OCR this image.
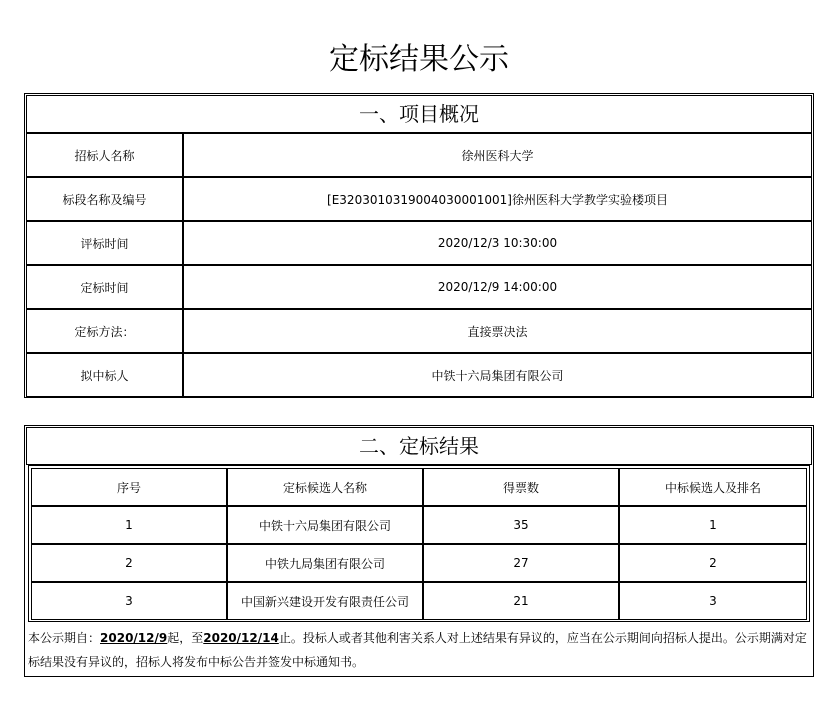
定标结果公示
一、项目概况
招标人名称	徐州医科大学
标段名称及编号	[E3203010319004030001001]徐州医科大学教学实验楼项目
评标时间	2020/12/3 10:30:00
定标时间	2020/12/9 14:00:00
定标方法：	直接票决法
拟中标人	中铁十六局集团有限公司
二、定标结果
序号	定标候选人名称	得票数	中标候选人及排名
1	中铁十六局集团有限公司	35	1
2	中铁九局集团有限公司	27	2
3	中国新兴建设开发有限责任公司	21	3
本公示期自：2020/12/9起，至2020/12/14止。投标人或者其他利害关系人对上述结果有异议的，应当在公示期间向招标人提出。公示期满对定标结果没有异议的，招标人将发布中标公告并签发中标通知书。
